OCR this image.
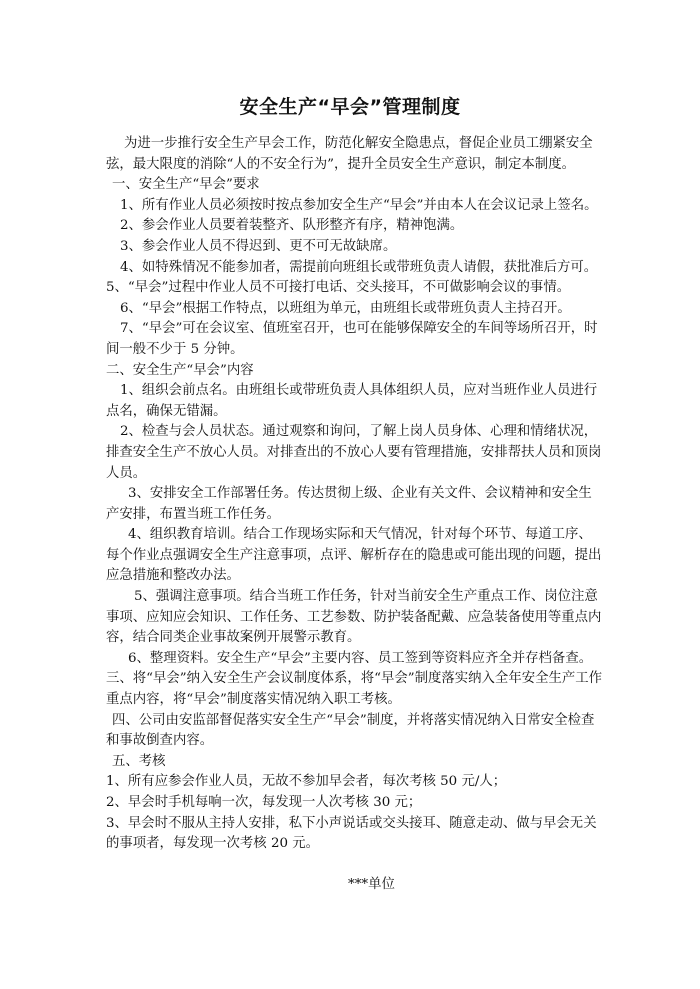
安全生产“早会”管理制度

为进一步推行安全生产早会工作，防范化解安全隐患点，督促企业员工绷紧安全弦，最大限度的消除“人的不安全行为”，提升全员安全生产意识，制定本制度。

一、安全生产“早会”要求

1、所有作业人员必须按时按点参加安全生产“早会”并由本人在会议记录上签名。

2、参会作业人员要着装整齐、队形整齐有序，精神饱满。

3、参会作业人员不得迟到、更不可无故缺席。

4、如特殊情况不能参加者，需提前向班组长或带班负责人请假，获批准后方可。

5、“早会”过程中作业人员不可接打电话、交头接耳，不可做影响会议的事情。

6、“早会”根据工作特点，以班组为单元，由班组长或带班负责人主持召开。

7、“早会”可在会议室、值班室召开，也可在能够保障安全的车间等场所召开，时间一般不少于 5 分钟。

二、安全生产“早会”内容

1、组织会前点名。由班组长或带班负责人具体组织人员，应对当班作业人员进行点名，确保无错漏。

2、检查与会人员状态。通过观察和询问，了解上岗人员身体、心理和情绪状况，排查安全生产不放心人员。对排查出的不放心人要有管理措施，安排帮扶人员和顶岗人员。

3、安排安全工作部署任务。传达贯彻上级、企业有关文件、会议精神和安全生产安排，布置当班工作任务。

4、组织教育培训。结合工作现场实际和天气情况，针对每个环节、每道工序、每个作业点强调安全生产注意事项，点评、解析存在的隐患或可能出现的问题，提出应急措施和整改办法。

5、强调注意事项。结合当班工作任务，针对当前安全生产重点工作、岗位注意事项、应知应会知识、工作任务、工艺参数、防护装备配戴、应急装备使用等重点内容，结合同类企业事故案例开展警示教育。

6、整理资料。安全生产“早会”主要内容、员工签到等资料应齐全并存档备查。

三、将“早会”纳入安全生产会议制度体系，将“早会”制度落实纳入全年安全生产工作重点内容，将“早会”制度落实情况纳入职工考核。

四、公司由安监部督促落实安全生产“早会”制度，并将落实情况纳入日常安全检查和事故倒查内容。

五、考核

1、所有应参会作业人员，无故不参加早会者，每次考核 50 元/人；

2、早会时手机每响一次，每发现一人次考核 30 元；

3、早会时不服从主持人安排，私下小声说话或交头接耳、随意走动、做与早会无关的事项者，每发现一次考核 20 元。

***单位
